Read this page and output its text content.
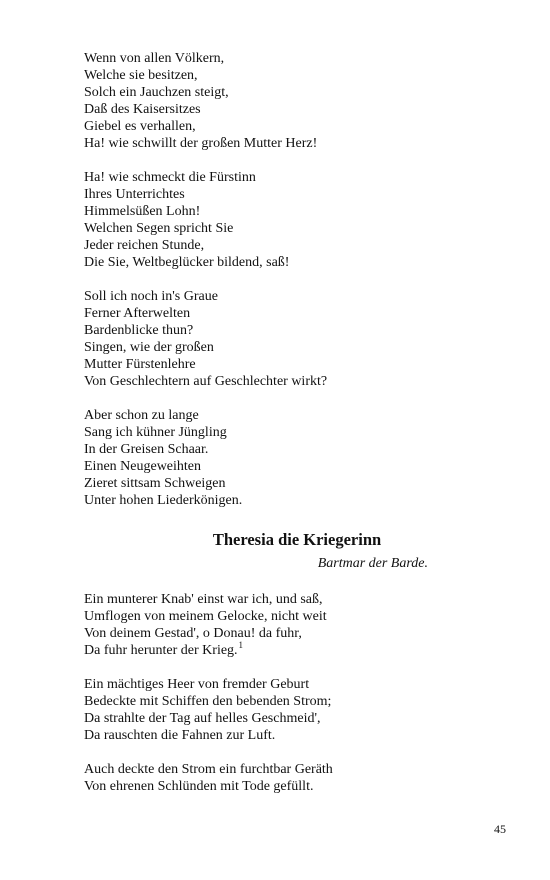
Wenn von allen Völkern,
Welche sie besitzen,
Solch ein Jauchzen steigt,
Daß des Kaisersitzes
Giebel es verhallen,
Ha! wie schwillt der großen Mutter Herz!
Ha! wie schmeckt die Fürstinn
Ihres Unterrichtes
Himmelsüßen Lohn!
Welchen Segen spricht Sie
Jeder reichen Stunde,
Die Sie, Weltbeglücker bildend, saß!
Soll ich noch in's Graue
Ferner Afterwelten
Bardenblicke thun?
Singen, wie der großen
Mutter Fürstenlehre
Von Geschlechtern auf Geschlechter wirkt?
Aber schon zu lange
Sang ich kühner Jüngling
In der Greisen Schaar.
Einen Neugeweihten
Zieret sittsam Schweigen
Unter hohen Liederkönigen.
Theresia die Kriegerinn
Bartmar der Barde.
Ein munterer Knab' einst war ich, und saß,
Umflogen von meinem Gelocke, nicht weit
Von deinem Gestad', o Donau! da fuhr,
Da fuhr herunter der Krieg.$^1$
Ein mächtiges Heer von fremder Geburt
Bedeckte mit Schiffen den bebenden Strom;
Da strahlte der Tag auf helles Geschmeid',
Da rauschten die Fahnen zur Luft.
Auch deckte den Strom ein furchtbar Geräth
Von ehrenen Schlünden mit Tode gefüllt.
45
